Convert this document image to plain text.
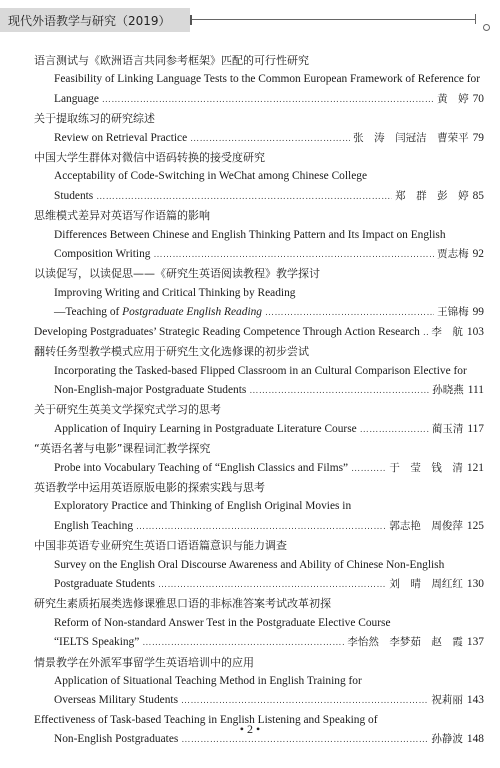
现代外语教学与研究（2019）
语言测试与《欧洲语言共同参考框架》匹配的可行性研究
Feasibility of Linking Language Tests to the Common European Framework of Reference for
Language …………………………………………………………………………………………………………………………………………………………………………	黄　婷 70
关于提取练习的研究综述
Review on Retrieval Practice …………………………………………………………………………………………………………………………………………………………………………	张　涛　闫冠洁　曹荣平 79
中国大学生群体对微信中语码转换的接受度研究
Acceptability of Code-Switching in WeChat among Chinese College
Students …………………………………………………………………………………………………………………………………………………………………………	郑　群　彭　婷 85
思维模式差异对英语写作语篇的影响
Differences Between Chinese and English Thinking Pattern and Its Impact on English
Composition Writing …………………………………………………………………………………………………………………………………………………………………………	贾志梅 92
以读促写，以读促思——《研究生英语阅读教程》教学探讨
Improving Writing and Critical Thinking by Reading
—Teaching of Postgraduate English Reading …………………………………………………………………………………………………………………………………………………………………………	王锦梅 99
Developing Postgraduates’ Strategic Reading Competence Through Action Research ………………………………………………………………………………………………………………………………………………………………………… 李　航 103
翻转任务型教学模式应用于研究生文化选修课的初步尝试
Incorporating the Tasked-based Flipped Classroom in an Cultural Comparison Elective for
Non-English-major Postgraduate Students …………………………………………………………………………………………………………………………………………………………………………	孙晓燕 111
关于研究生英美文学探究式学习的思考
Application of Inquiry Learning in Postgraduate Literature Course …………………………………………………………………………………………………………………………………………………………………………	蔺玉清 117
“英语名著与电影”课程词汇教学探究
Probe into Vocabulary Teaching of “English Classics and Films” …………………………………………………………………………………………………………………………………………………………………………	于　莹　钱　清 121
英语教学中运用英语原版电影的探索实践与思考
Exploratory Practice and Thinking of English Original Movies in
English Teaching …………………………………………………………………………………………………………………………………………………………………………	郭志艳　周俊萍 125
中国非英语专业研究生英语口语语篇意识与能力调查
Survey on the English Oral Discourse Awareness and Ability of Chinese Non-English
Postgraduate Students …………………………………………………………………………………………………………………………………………………………………………	刘　晴　周红红 130
研究生素质拓展类选修课雅思口语的非标准答案考试改革初探
Reform of Non-standard Answer Test in the Postgraduate Elective Course
“IELTS Speaking” …………………………………………………………………………………………………………………………………………………………………………	李怡然　李梦茹　赵　霞 137
情景教学在外派军事留学生英语培训中的应用
Application of Situational Teaching Method in English Training for
Overseas Military Students …………………………………………………………………………………………………………………………………………………………………………	祝莉丽 143
Effectiveness of Task-based Teaching in English Listening and Speaking of
Non-English Postgraduates …………………………………………………………………………………………………………………………………………………………………………	孙静波 148
• 2 •
